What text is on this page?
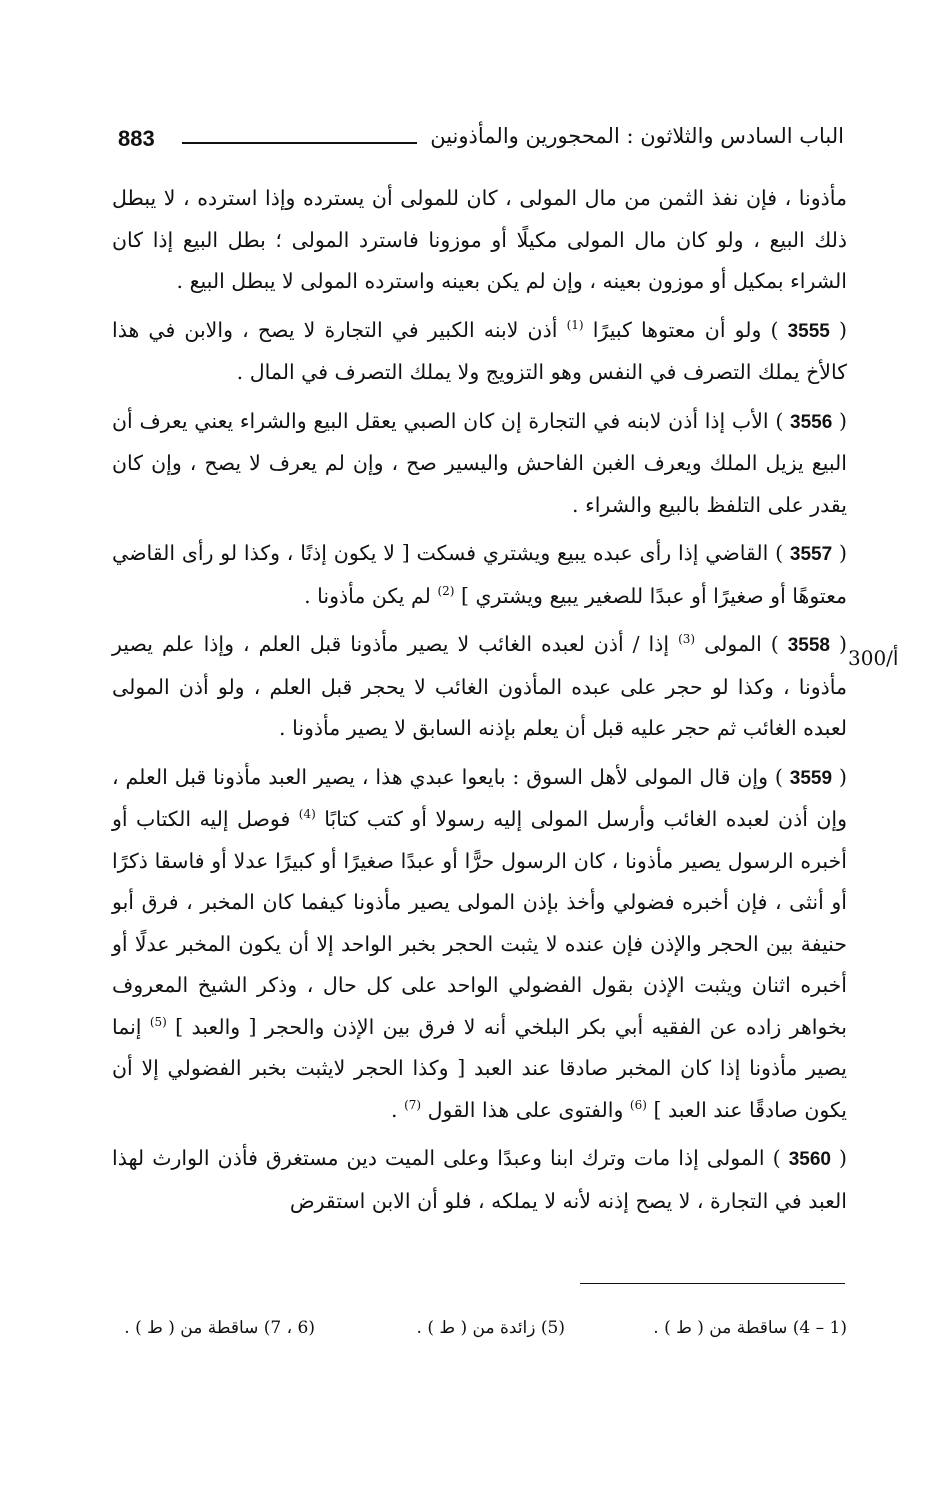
883	الباب السادس والثلاثون : المحجورين والمأذونين
300/أ

مأذونا ، فإن نفذ الثمن من مال المولى ، كان للمولى أن يسترده وإذا استرده ، لا يبطل ذلك البيع ، ولو كان مال المولى مكيلًا أو موزونا فاسترد المولى ؛ بطل البيع إذا كان الشراء بمكيل أو موزون بعينه ، وإن لم يكن بعينه واسترده المولى لا يبطل البيع .

( 3555 ) ولو أن معتوها كبيرًا $^{(1)}$ أذن لابنه الكبير في التجارة لا يصح ، والابن في هذا كالأخ يملك التصرف في النفس وهو التزويج ولا يملك التصرف في المال .

( 3556 ) الأب إذا أذن لابنه في التجارة إن كان الصبي يعقل البيع والشراء يعني يعرف أن البيع يزيل الملك ويعرف الغبن الفاحش واليسير صح ، وإن لم يعرف لا يصح ، وإن كان يقدر على التلفظ بالبيع والشراء .

( 3557 ) القاضي إذا رأى عبده يبيع ويشتري فسكت [ لا يكون إذنًا ، وكذا لو رأى القاضي معتوهًا أو صغيرًا أو عبدًا للصغير يبيع ويشتري ] $^{(2)}$ لم يكن مأذونا .

( 3558 ) المولى $^{(3)}$ إذا / أذن لعبده الغائب لا يصير مأذونا قبل العلم ، وإذا علم يصير مأذونا ، وكذا لو حجر على عبده المأذون الغائب لا يحجر قبل العلم ، ولو أذن المولى لعبده الغائب ثم حجر عليه قبل أن يعلم بإذنه السابق لا يصير مأذونا .

( 3559 ) وإن قال المولى لأهل السوق : بايعوا عبدي هذا ، يصير العبد مأذونا قبل العلم ، وإن أذن لعبده الغائب وأرسل المولى إليه رسولا أو كتب كتابًا $^{(4)}$ فوصل إليه الكتاب أو أخبره الرسول يصير مأذونا ، كان الرسول حرًّا أو عبدًا صغيرًا أو كبيرًا عدلا أو فاسقا ذكرًا أو أنثى ، فإن أخبره فضولي وأخذ بإذن المولى يصير مأذونا كيفما كان المخبر ، فرق أبو حنيفة بين الحجر والإذن فإن عنده لا يثبت الحجر بخبر الواحد إلا أن يكون المخبر عدلًا أو أخبره اثنان ويثبت الإذن بقول الفضولي الواحد على كل حال ، وذكر الشيخ المعروف بخواهر زاده عن الفقيه أبي بكر البلخي أنه لا فرق بين الإذن والحجر [ والعبد ] $^{(5)}$ إنما يصير مأذونا إذا كان المخبر صادقا عند العبد [ وكذا الحجر لايثبت بخبر الفضولي إلا أن يكون صادقًا عند العبد ] $^{(6)}$ والفتوى على هذا القول $^{(7)}$ .

( 3560 ) المولى إذا مات وترك ابنا وعبدًا وعلى الميت دين مستغرق فأذن الوارث لهذا العبد في التجارة ، لا يصح إذنه لأنه لا يملكه ، فلو أن الابن استقرض

(1 – 4) ساقطة من ( ط ) .
(5) زائدة من ( ط ) .
(6 ، 7) ساقطة من ( ط ) .
